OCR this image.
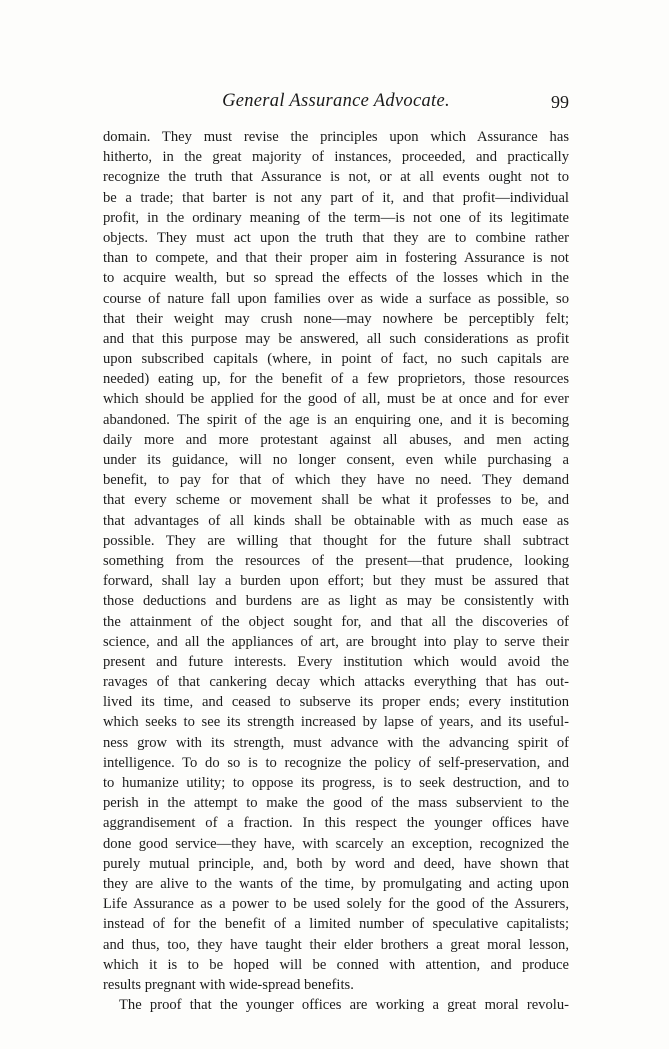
General Assurance Advocate.	99
domain. They must revise the principles upon which Assurance has
hitherto, in the great majority of instances, proceeded, and practically
recognize the truth that Assurance is not, or at all events ought not to
be a trade; that barter is not any part of it, and that profit—individual
profit, in the ordinary meaning of the term—is not one of its legitimate
objects. They must act upon the truth that they are to combine rather
than to compete, and that their proper aim in fostering Assurance is not
to acquire wealth, but so spread the effects of the losses which in the
course of nature fall upon families over as wide a surface as possible, so
that their weight may crush none—may nowhere be perceptibly felt;
and that this purpose may be answered, all such considerations as profit
upon subscribed capitals (where, in point of fact, no such capitals are
needed) eating up, for the benefit of a few proprietors, those resources
which should be applied for the good of all, must be at once and for ever
abandoned. The spirit of the age is an enquiring one, and it is becoming
daily more and more protestant against all abuses, and men acting
under its guidance, will no longer consent, even while purchasing a
benefit, to pay for that of which they have no need. They demand
that every scheme or movement shall be what it professes to be, and
that advantages of all kinds shall be obtainable with as much ease as
possible. They are willing that thought for the future shall subtract
something from the resources of the present—that prudence, looking
forward, shall lay a burden upon effort; but they must be assured that
those deductions and burdens are as light as may be consistently with
the attainment of the object sought for, and that all the discoveries of
science, and all the appliances of art, are brought into play to serve their
present and future interests. Every institution which would avoid the
ravages of that cankering decay which attacks everything that has out-
lived its time, and ceased to subserve its proper ends; every institution
which seeks to see its strength increased by lapse of years, and its useful-
ness grow with its strength, must advance with the advancing spirit of
intelligence. To do so is to recognize the policy of self-preservation, and
to humanize utility; to oppose its progress, is to seek destruction, and to
perish in the attempt to make the good of the mass subservient to the
aggrandisement of a fraction. In this respect the younger offices have
done good service—they have, with scarcely an exception, recognized the
purely mutual principle, and, both by word and deed, have shown that
they are alive to the wants of the time, by promulgating and acting upon
Life Assurance as a power to be used solely for the good of the Assurers,
instead of for the benefit of a limited number of speculative capitalists;
and thus, too, they have taught their elder brothers a great moral lesson,
which it is to be hoped will be conned with attention, and produce
results pregnant with wide-spread benefits.
The proof that the younger offices are working a great moral revolu-
